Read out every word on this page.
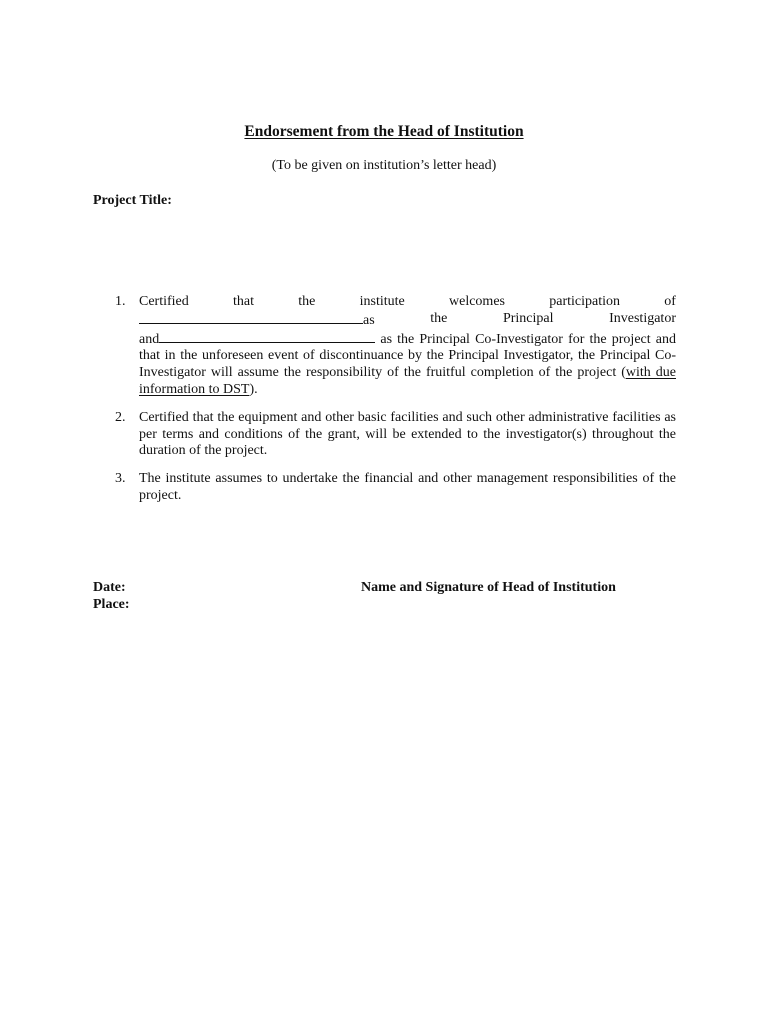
Endorsement from the Head of Institution
(To be given on institution’s letter head)
Project Title:
1. Certified	that	the	institute	welcomes	participation	of
as	the	Principal	Investigator
and	as the Principal Co-Investigator for the project and that in the unforeseen event of discontinuance by the Principal Investigator, the Principal Co-Investigator will assume the responsibility of the fruitful completion of the project (with due information to DST).

2. Certified that the equipment and other basic facilities and such other administrative facilities as per terms and conditions of the grant, will be extended to the investigator(s) throughout the duration of the project.

3. The institute assumes to undertake the financial and other management responsibilities of the project.

Date:
Place:
Name and Signature of Head of Institution
